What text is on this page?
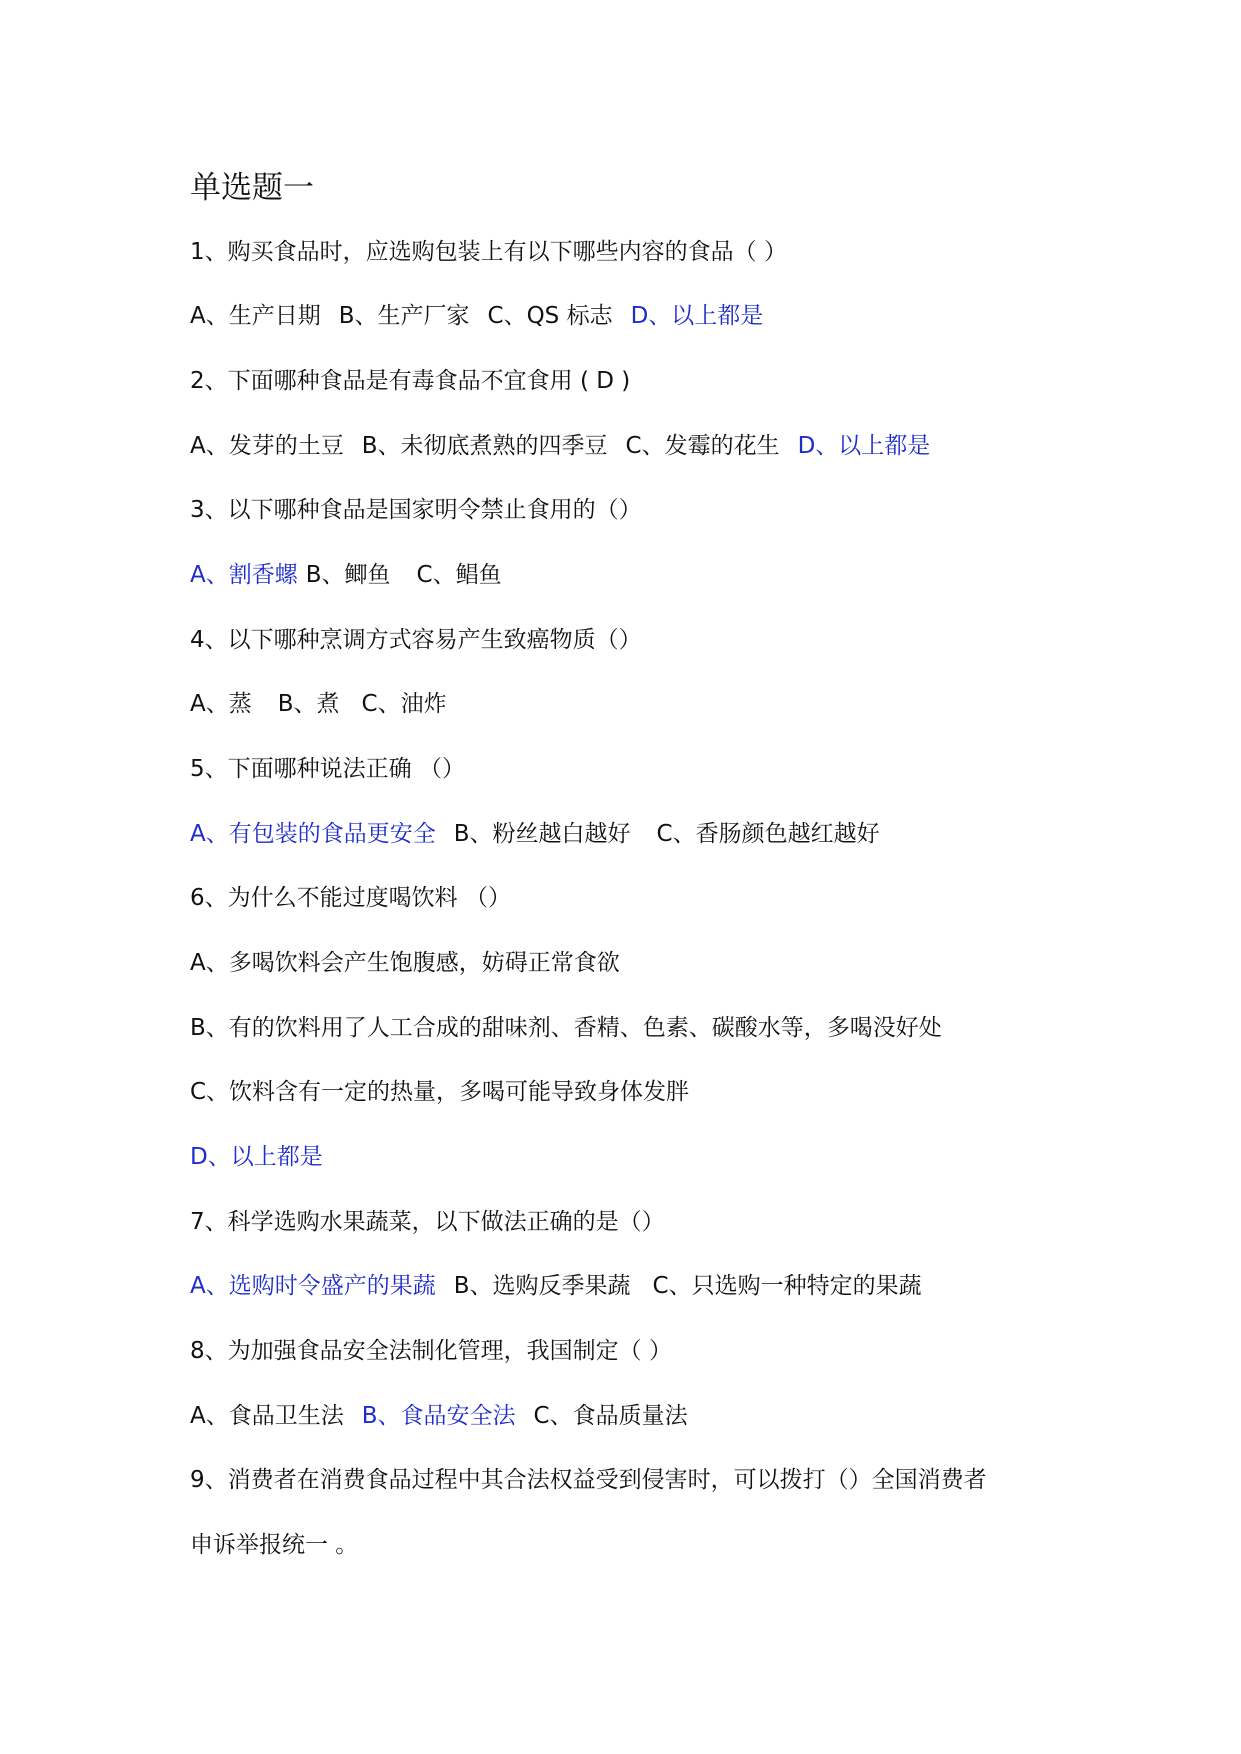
单选题一
1、购买食品时，应选购包装上有以下哪些内容的食品（ ）
A、生产日期 B、生产厂家 C、QS 标志 D、以上都是
2、下面哪种食品是有毒食品不宜食用 ( D )
A、发芽的土豆 B、未彻底煮熟的四季豆 C、发霉的花生 D、以上都是
3、以下哪种食品是国家明令禁止食用的（）
A、割香螺 B、鲫鱼 C、鲳鱼
4、以下哪种烹调方式容易产生致癌物质（）
A、蒸 B、煮 C、油炸
5、下面哪种说法正确 （）
A、有包装的食品更安全 B、粉丝越白越好 C、香肠颜色越红越好
6、为什么不能过度喝饮料 （）
A、多喝饮料会产生饱腹感，妨碍正常食欲
B、有的饮料用了人工合成的甜味剂、香精、色素、碳酸水等，多喝没好处
C、饮料含有一定的热量，多喝可能导致身体发胖
D、以上都是
7、科学选购水果蔬菜，以下做法正确的是（）
A、选购时令盛产的果蔬 B、选购反季果蔬 C、只选购一种特定的果蔬
8、为加强食品安全法制化管理，我国制定（ ）
A、食品卫生法 B、食品安全法 C、食品质量法
9、消费者在消费食品过程中其合法权益受到侵害时，可以拨打（）全国消费者
申诉举报统一 。
